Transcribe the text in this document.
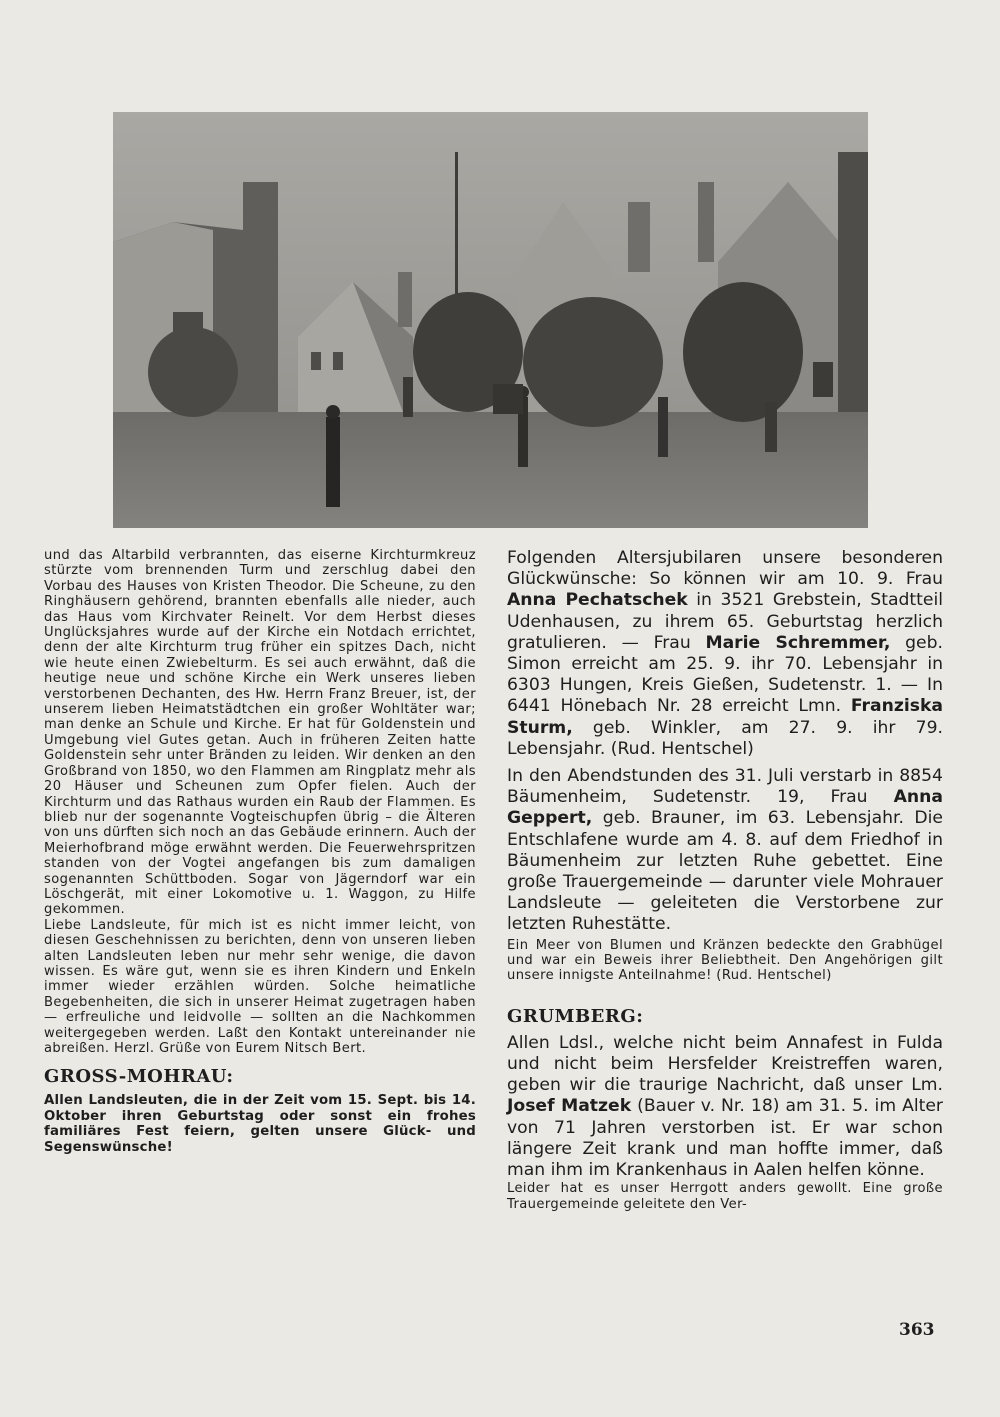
und das Altarbild verbrannten, das eiserne Kirchturmkreuz stürzte vom brennenden Turm und zerschlug dabei den Vorbau des Hauses von Kristen Theodor. Die Scheune, zu den Ringhäusern gehörend, brannten ebenfalls alle nieder, auch das Haus vom Kirchvater Reinelt. Vor dem Herbst dieses Unglücksjahres wurde auf der Kirche ein Notdach errichtet, denn der alte Kirchturm trug früher ein spitzes Dach, nicht wie heute einen Zwiebelturm. Es sei auch erwähnt, daß die heutige neue und schöne Kirche ein Werk unseres lieben verstorbenen Dechanten, des Hw. Herrn Franz Breuer, ist, der unserem lieben Heimatstädtchen ein großer Wohltäter war; man denke an Schule und Kirche. Er hat für Goldenstein und Umgebung viel Gutes getan. Auch in früheren Zeiten hatte Goldenstein sehr unter Bränden zu leiden. Wir denken an den Großbrand von 1850, wo den Flammen am Ringplatz mehr als 20 Häuser und Scheunen zum Opfer fielen. Auch der Kirchturm und das Rathaus wurden ein Raub der Flammen. Es blieb nur der sogenannte Vogteischupfen übrig – die Älteren von uns dürften sich noch an das Gebäude erinnern. Auch der Meierhofbrand möge erwähnt werden. Die Feuerwehrspritzen standen von der Vogtei angefangen bis zum damaligen sogenannten Schüttboden. Sogar von Jägerndorf war ein Löschgerät, mit einer Lokomotive u. 1. Waggon, zu Hilfe gekommen.

Liebe Landsleute, für mich ist es nicht immer leicht, von diesen Geschehnissen zu berichten, denn von unseren lieben alten Landsleuten leben nur mehr sehr wenige, die davon wissen. Es wäre gut, wenn sie es ihren Kindern und Enkeln immer wieder erzählen würden. Solche heimatliche Begebenheiten, die sich in unserer Heimat zugetragen haben — erfreuliche und leidvolle — sollten an die Nachkommen weitergegeben werden. Laßt den Kontakt untereinander nie abreißen. Herzl. Grüße von Eurem Nitsch Bert.

GROSS-MOHRAU:

Allen Landsleuten, die in der Zeit vom 15. Sept. bis 14. Oktober ihren Geburtstag oder sonst ein frohes familiäres Fest feiern, gelten unsere Glück- und Segenswünsche!

Folgenden Altersjubilaren unsere besonderen Glückwünsche: So können wir am 10. 9. Frau Anna Pechatschek in 3521 Grebstein, Stadtteil Udenhausen, zu ihrem 65. Geburtstag herzlich gratulieren. — Frau Marie Schremmer, geb. Simon erreicht am 25. 9. ihr 70. Lebensjahr in 6303 Hungen, Kreis Gießen, Sudetenstr. 1. — In 6441 Hönebach Nr. 28 erreicht Lmn. Franziska Sturm, geb. Winkler, am 27. 9. ihr 79. Lebensjahr. (Rud. Hentschel)

In den Abendstunden des 31. Juli verstarb in 8854 Bäumenheim, Sudetenstr. 19, Frau Anna Geppert, geb. Brauner, im 63. Lebensjahr. Die Entschlafene wurde am 4. 8. auf dem Friedhof in Bäumenheim zur letzten Ruhe gebettet. Eine große Trauergemeinde — darunter viele Mohrauer Landsleute — geleiteten die Verstorbene zur letzten Ruhestätte.

Ein Meer von Blumen und Kränzen bedeckte den Grabhügel und war ein Beweis ihrer Beliebtheit. Den Angehörigen gilt unsere innigste Anteilnahme! (Rud. Hentschel)

GRUMBERG:

Allen Ldsl., welche nicht beim Annafest in Fulda und nicht beim Hersfelder Kreistreffen waren, geben wir die traurige Nachricht, daß unser Lm. Josef Matzek (Bauer v. Nr. 18) am 31. 5. im Alter von 71 Jahren verstorben ist. Er war schon längere Zeit krank und man hoffte immer, daß man ihm im Krankenhaus in Aalen helfen könne.

Leider hat es unser Herrgott anders gewollt. Eine große Trauergemeinde geleitete den Ver-

363
